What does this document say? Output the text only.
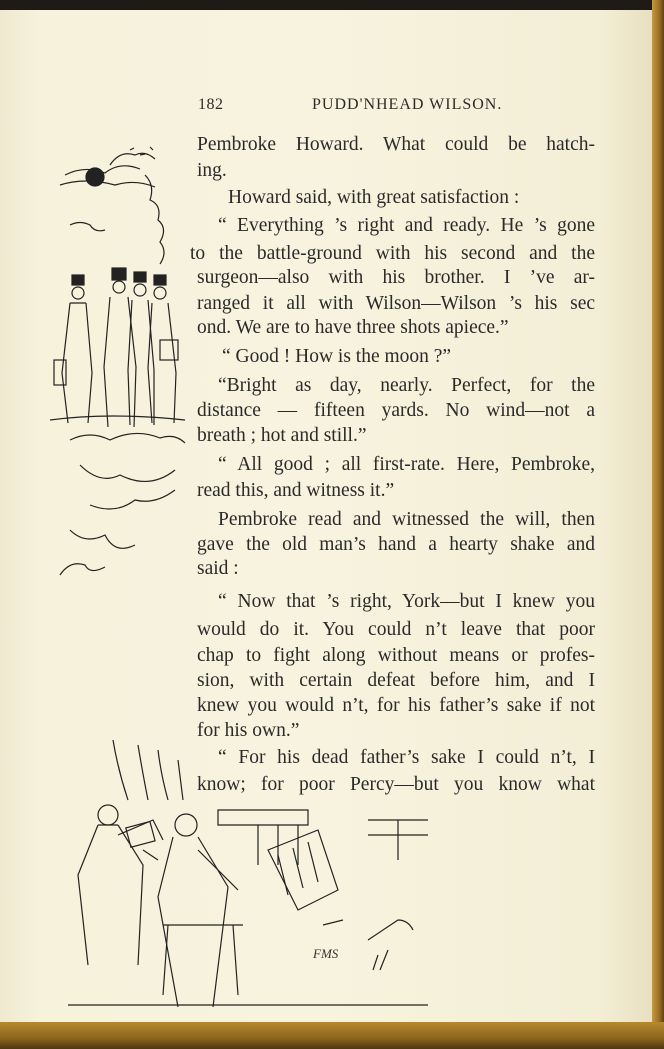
182	PUDD'NHEAD WILSON.
FMS
Pembroke Howard. What could be hatch-
ing.
Howard said, with great satisfaction :
“ Everything ’s right and ready. He ’s gone
to the battle-ground with his second and the
surgeon—also with his brother. I ’ve ar-
ranged it all with Wilson—Wilson ’s his sec
ond. We are to have three shots apiece.”
“ Good ! How is the moon ?”
“Bright as day, nearly. Perfect, for the
distance — fifteen yards. No wind—not a
breath ; hot and still.”
“ All good ; all first-rate. Here, Pembroke,
read this, and witness it.”
Pembroke read and witnessed the will, then
gave the old man’s hand a hearty shake and
said :
“ Now that ’s right, York—but I knew you
would do it. You could n’t leave that poor
chap to fight along without means or profes-
sion, with certain defeat before him, and I
knew you would n’t, for his father’s sake if not
for his own.”
“ For his dead father’s sake I could n’t, I
know; for poor Percy—but you know what
